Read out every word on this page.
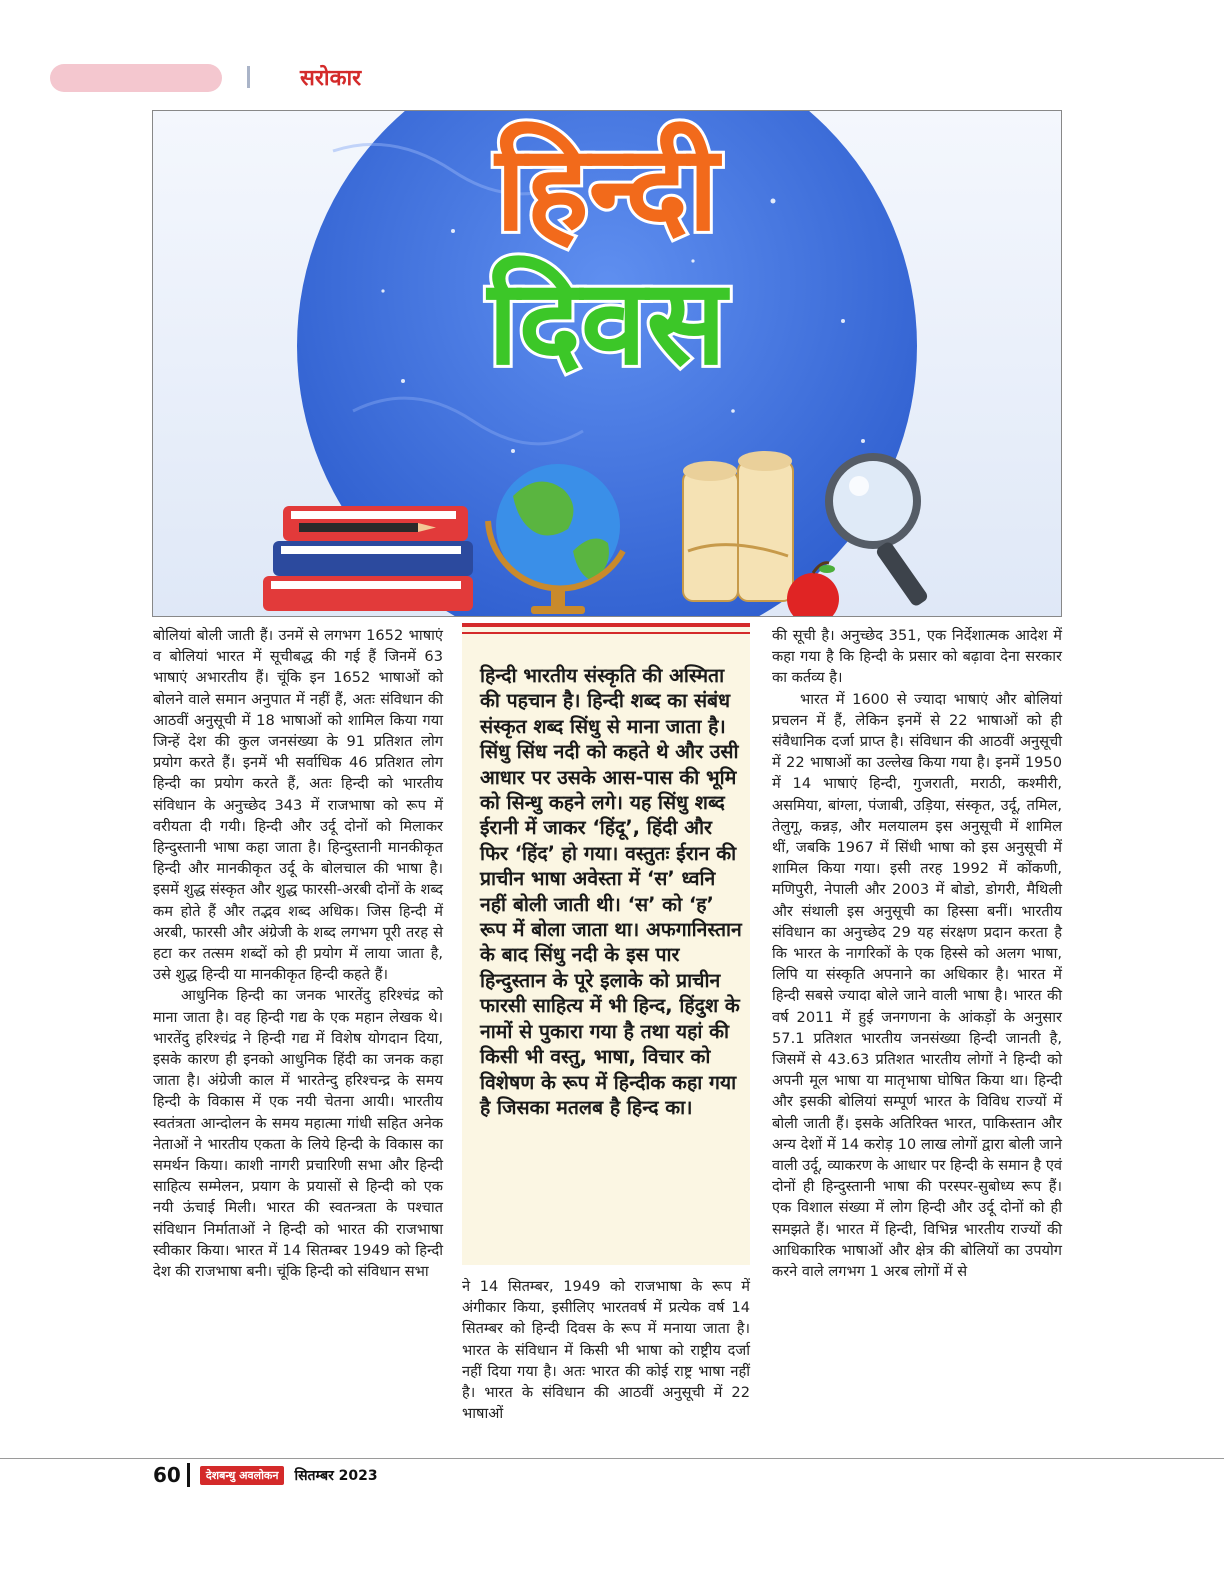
सरोकार
हिन्दी
दिवस

बोलियां बोली जाती हैं। उनमें से लगभग 1652 भाषाएं व बोलियां भारत में सूचीबद्ध की गई हैं जिनमें 63 भाषाएं अभारतीय हैं। चूंकि इन 1652 भाषाओं को बोलने वाले समान अनुपात में नहीं हैं, अतः संविधान की आठवीं अनुसूची में 18 भाषाओं को शामिल किया गया जिन्हें देश की कुल जनसंख्या के 91 प्रतिशत लोग प्रयोग करते हैं। इनमें भी सर्वाधिक 46 प्रतिशत लोग हिन्दी का प्रयोग करते हैं, अतः हिन्दी को भारतीय संविधान के अनुच्छेद 343 में राजभाषा को रूप में वरीयता दी गयी। हिन्दी और उर्दू दोनों को मिलाकर हिन्दुस्तानी भाषा कहा जाता है। हिन्दुस्तानी मानकीकृत हिन्दी और मानकीकृत उर्दू के बोलचाल की भाषा है। इसमें शुद्ध संस्कृत और शुद्ध फारसी-अरबी दोनों के शब्द कम होते हैं और तद्भव शब्द अधिक। जिस हिन्दी में अरबी, फारसी और अंग्रेजी के शब्द लगभग पूरी तरह से हटा कर तत्सम शब्दों को ही प्रयोग में लाया जाता है, उसे शुद्ध हिन्दी या मानकीकृत हिन्दी कहते हैं।

आधुनिक हिन्दी का जनक भारतेंदु हरिश्चंद्र को माना जाता है। वह हिन्दी गद्य के एक महान लेखक थे। भारतेंदु हरिश्चंद्र ने हिन्दी गद्य में विशेष योगदान दिया, इसके कारण ही इनको आधुनिक हिंदी का जनक कहा जाता है। अंग्रेजी काल में भारतेन्दु हरिश्चन्द्र के समय हिन्दी के विकास में एक नयी चेतना आयी। भारतीय स्वतंत्रता आन्दोलन के समय महात्मा गांधी सहित अनेक नेताओं ने भारतीय एकता के लिये हिन्दी के विकास का समर्थन किया। काशी नागरी प्रचारिणी सभा और हिन्दी साहित्य सम्मेलन, प्रयाग के प्रयासों से हिन्दी को एक नयी ऊंचाई मिली। भारत की स्वतन्त्रता के पश्चात संविधान निर्माताओं ने हिन्दी को भारत की राजभाषा स्वीकार किया। भारत में 14 सितम्बर 1949 को हिन्दी देश की राजभाषा बनी। चूंकि हिन्दी को संविधान सभा

हिन्दी भारतीय संस्कृति की अस्मिता की पहचान है। हिन्दी शब्द का संबंध संस्कृत शब्द सिंधु से माना जाता है। सिंधु सिंध नदी को कहते थे और उसी आधार पर उसके आस-पास की भूमि को सिन्धु कहने लगे। यह सिंधु शब्द ईरानी में जाकर ‘हिंदू’, हिंदी और फिर ‘हिंद’ हो गया। वस्तुतः ईरान की प्राचीन भाषा अवेस्ता में ‘स’ ध्वनि नहीं बोली जाती थी। ‘स’ को ‘ह’ रूप में बोला जाता था। अफगानिस्तान के बाद सिंधु नदी के इस पार हिन्दुस्तान के पूरे इलाके को प्राचीन फारसी साहित्य में भी हिन्द, हिंदुश के नामों से पुकारा गया है तथा यहां की किसी भी वस्तु, भाषा, विचार को विशेषण के रूप में हिन्दीक कहा गया है जिसका मतलब है हिन्द का।

ने 14 सितम्बर, 1949 को राजभाषा के रूप में अंगीकार किया, इसीलिए भारतवर्ष में प्रत्येक वर्ष 14 सितम्बर को हिन्दी दिवस के रूप में मनाया जाता है। भारत के संविधान में किसी भी भाषा को राष्ट्रीय दर्जा नहीं दिया गया है। अतः भारत की कोई राष्ट्र भाषा नहीं है। भारत के संविधान की आठवीं अनुसूची में 22 भाषाओं

की सूची है। अनुच्छेद 351, एक निर्देशात्मक आदेश में कहा गया है कि हिन्दी के प्रसार को बढ़ावा देना सरकार का कर्तव्य है।

भारत में 1600 से ज्यादा भाषाएं और बोलियां प्रचलन में हैं, लेकिन इनमें से 22 भाषाओं को ही संवैधानिक दर्जा प्राप्त है। संविधान की आठवीं अनुसूची में 22 भाषाओं का उल्लेख किया गया है। इनमें 1950 में 14 भाषाएं हिन्दी, गुजराती, मराठी, कश्मीरी, असमिया, बांग्ला, पंजाबी, उड़िया, संस्कृत, उर्दू, तमिल, तेलुगू, कन्नड़, और मलयालम इस अनुसूची में शामिल थीं, जबकि 1967 में सिंधी भाषा को इस अनुसूची में शामिल किया गया। इसी तरह 1992 में कोंकणी, मणिपुरी, नेपाली और 2003 में बोडो, डोगरी, मैथिली और संथाली इस अनुसूची का हिस्सा बनीं। भारतीय संविधान का अनुच्छेद 29 यह संरक्षण प्रदान करता है कि भारत के नागरिकों के एक हिस्से को अलग भाषा, लिपि या संस्कृति अपनाने का अधिकार है। भारत में हिन्दी सबसे ज्यादा बोले जाने वाली भाषा है। भारत की वर्ष 2011 में हुई जनगणना के आंकड़ों के अनुसार 57.1 प्रतिशत भारतीय जनसंख्या हिन्दी जानती है, जिसमें से 43.63 प्रतिशत भारतीय लोगों ने हिन्दी को अपनी मूल भाषा या मातृभाषा घोषित किया था। हिन्दी और इसकी बोलियां सम्पूर्ण भारत के विविध राज्यों में बोली जाती हैं। इसके अतिरिक्त भारत, पाकिस्तान और अन्य देशों में 14 करोड़ 10 लाख लोगों द्वारा बोली जाने वाली उर्दू, व्याकरण के आधार पर हिन्दी के समान है एवं दोनों ही हिन्दुस्तानी भाषा की परस्पर-सुबोध्य रूप हैं। एक विशाल संख्या में लोग हिन्दी और उर्दू दोनों को ही समझते हैं। भारत में हिन्दी, विभिन्न भारतीय राज्यों की आधिकारिक भाषाओं और क्षेत्र की बोलियों का उपयोग करने वाले लगभग 1 अरब लोगों में से

60	देशबन्धु अवलोकन	सितम्बर 2023
